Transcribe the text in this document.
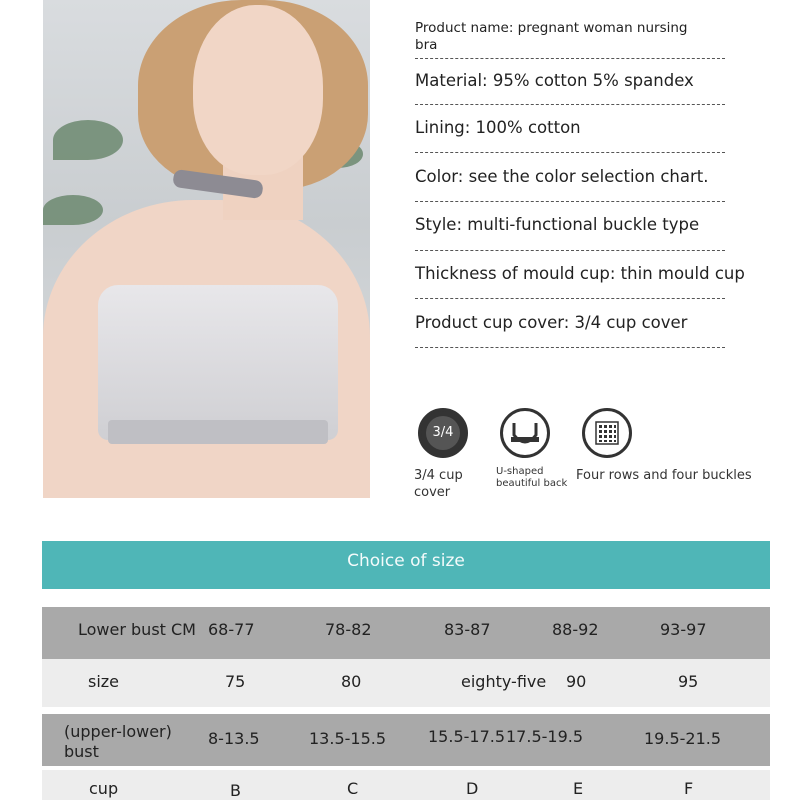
Product name: pregnant woman nursing
bra
Material: 95% cotton 5% spandex
Lining: 100% cotton
Color: see the color selection chart.
Style: multi-functional buckle type
Thickness of mould cup: thin mould cup
Product cup cover: 3/4 cup cover
3/4
3/4 cup
cover
U-shaped
beautiful back
Four rows and four buckles
Choice of size
Lower bust CM 68-77	78-82	83-87	88-92	93-97
size	75	80	eighty-five 90	95
(upper-lower)
bust
8-13.5	13.5-15.5	15.5-17.5 17.5-19.5	19.5-21.5
cup	B	C	D	E	F
